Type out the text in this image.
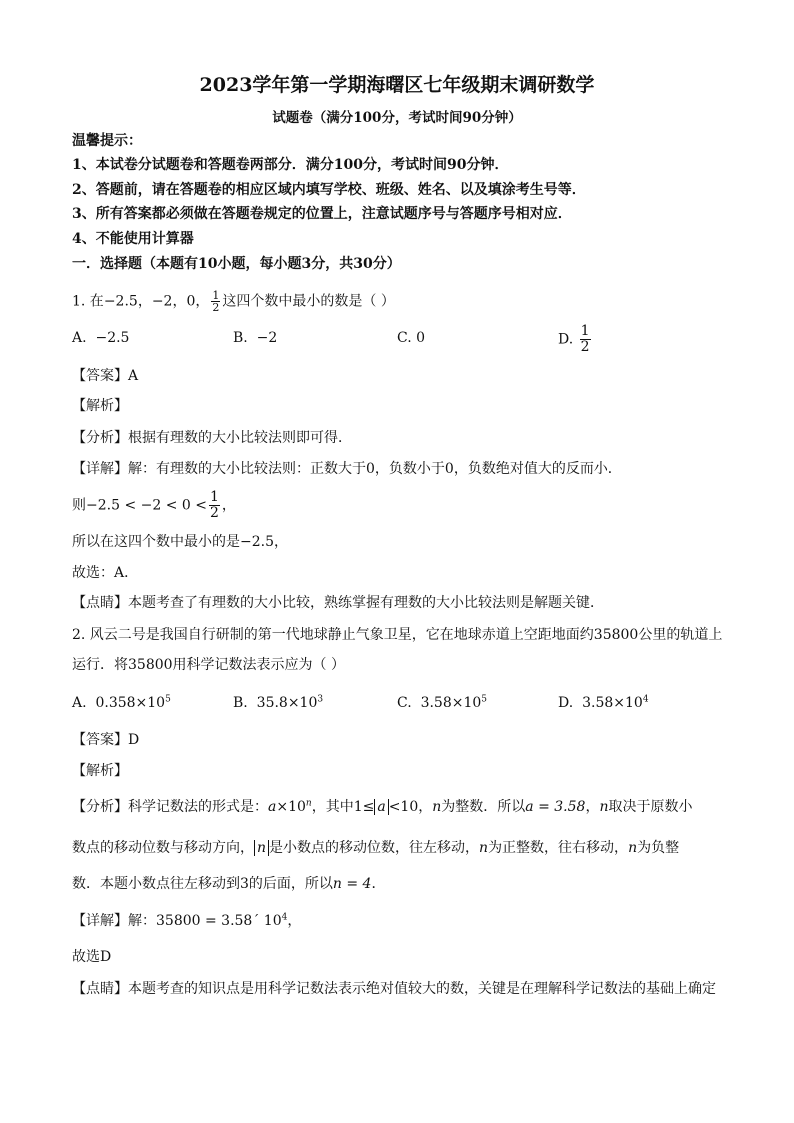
2023学年第一学期海曙区七年级期末调研数学
试题卷（满分100分，考试时间90分钟）
温馨提示：
1、本试卷分试题卷和答题卷两部分．满分100分，考试时间90分钟．
2、答题前，请在答题卷的相应区域内填写学校、班级、姓名、以及填涂考生号等．
3、所有答案都必须做在答题卷规定的位置上，注意试题序号与答题序号相对应．
4、不能使用计算器
一．选择题（本题有10小题，每小题3分，共30分）
1. 在−2.5，−2，0， $\frac{1}{2}$ 这四个数中最小的数是（ ）
A. −2.5	B. −2	C. 0	D. $\frac{1}{2}$
【答案】A
【解析】
【分析】根据有理数的大小比较法则即可得．
【详解】解：有理数的大小比较法则：正数大于0，负数小于0，负数绝对值大的反而小．
则$-2.5 < -2 < 0 < \frac{1}{2}$ ，
所以在这四个数中最小的是−2.5，
故选：A．
【点睛】本题考查了有理数的大小比较，熟练掌握有理数的大小比较法则是解题关键．
2. 风云二号是我国自行研制的第一代地球静止气象卫星，它在地球赤道上空距地面约35800公里的轨道上
运行．将35800用科学记数法表示应为（ ）
A. $0.358\times 10^5$	B. $35.8\times 10^3$	C. $3.58\times 10^5$	D. $3.58\times 10^4$
【答案】D
【解析】
【分析】科学记数法的形式是：$a\times 10^n$，其中1≤ a <10，n为整数．所以a = 3.58，n取决于原数小
数点的移动位数与移动方向， n 是小数点的移动位数，往左移动，n为正整数，往右移动，n为负整
数．本题小数点往左移动到3的后面，所以n = 4．
【详解】解：35800 = 3.58´ $10^4$，
故选D
【点睛】本题考查的知识点是用科学记数法表示绝对值较大的数，关键是在理解科学记数法的基础上确定
